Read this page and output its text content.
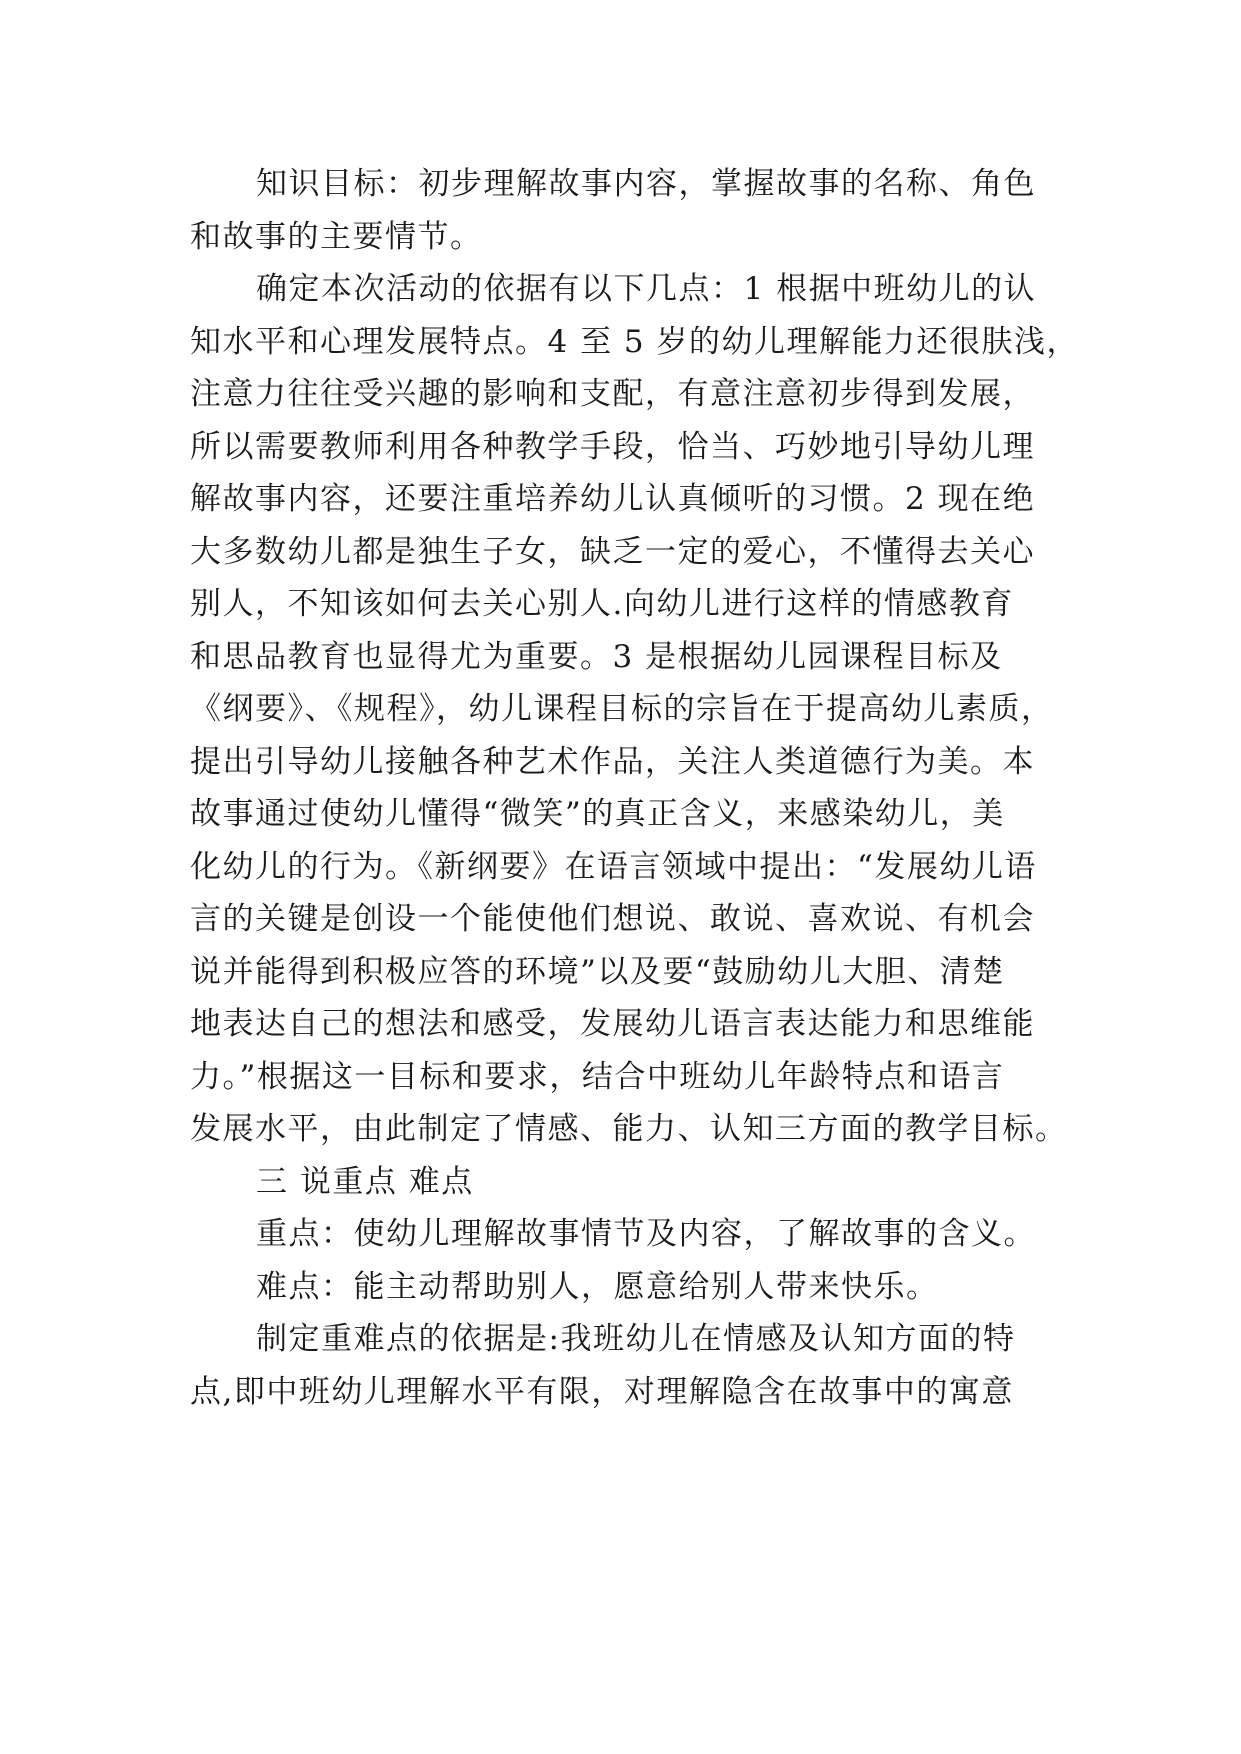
知识目标：初步理解故事内容，掌握故事的名称、角色
和故事的主要情节。
确定本次活动的依据有以下几点：1 根据中班幼儿的认
知水平和心理发展特点。4 至 5 岁的幼儿理解能力还很肤浅，
注意力往往受兴趣的影响和支配，有意注意初步得到发展，
所以需要教师利用各种教学手段，恰当、巧妙地引导幼儿理
解故事内容，还要注重培养幼儿认真倾听的习惯。2 现在绝
大多数幼儿都是独生子女，缺乏一定的爱心，不懂得去关心
别人，不知该如何去关心别人.向幼儿进行这样的情感教育
和思品教育也显得尤为重要。3 是根据幼儿园课程目标及
《纲要》、《规程》，幼儿课程目标的宗旨在于提高幼儿素质，
提出引导幼儿接触各种艺术作品，关注人类道德行为美。本
故事通过使幼儿懂得“微笑”的真正含义，来感染幼儿，美
化幼儿的行为。《新纲要》在语言领域中提出：“发展幼儿语
言的关键是创设一个能使他们想说、敢说、喜欢说、有机会
说并能得到积极应答的环境”以及要“鼓励幼儿大胆、清楚
地表达自己的想法和感受，发展幼儿语言表达能力和思维能
力。”根据这一目标和要求，结合中班幼儿年龄特点和语言
发展水平，由此制定了情感、能力、认知三方面的教学目标。
三 说重点 难点
重点：使幼儿理解故事情节及内容，了解故事的含义。
难点：能主动帮助别人，愿意给别人带来快乐。
制定重难点的依据是:我班幼儿在情感及认知方面的特
点,即中班幼儿理解水平有限，对理解隐含在故事中的寓意
